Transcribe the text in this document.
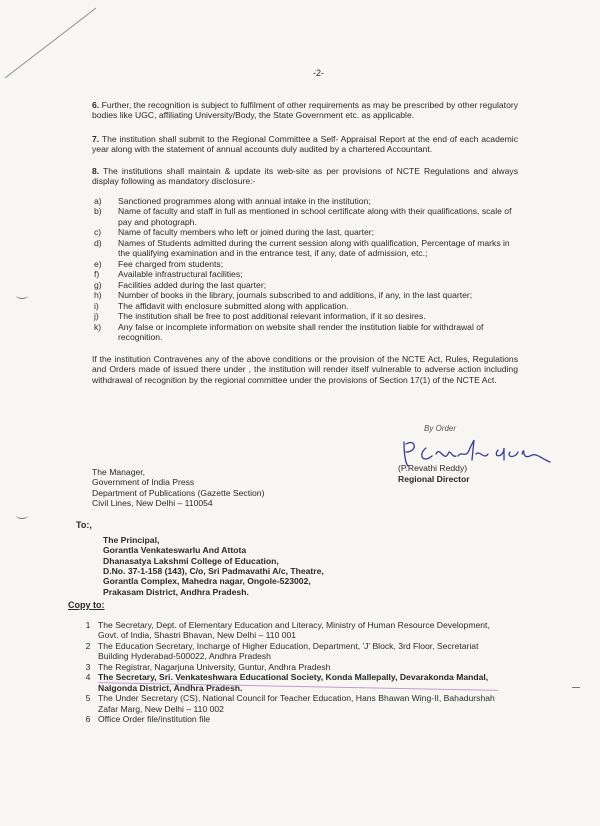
-2-
6. Further, the recognition is subject to fulfilment of other requirements as may be prescribed by other regulatory bodies like UGC, affiliating University/Body, the State Government etc. as applicable.
7. The institution shall submit to the Regional Committee a Self- Appraisal Report at the end of each academic year along with the statement of annual accounts duly audited by a chartered Accountant.
8. The institutions shall maintain & update its web-site as per provisions of NCTE Regulations and always display following as mandatory disclosure:-
a)	Sanctioned programmes along with annual intake in the institution;
b)	Name of faculty and staff in full as mentioned in school certificate along with their qualifications, scale of pay and photograph.
c)	Name of faculty members who left or joined during the last, quarter;
d)	Names of Students admitted during the current session along with qualification, Percentage of marks in the qualifying examination and in the entrance test, if any, date of admission, etc.;
e)	Fee charged from students;
f)	Available infrastructural facilities;
g)	Facilities added during the last quarter;
h)	Number of books in the library, journals subscribed to and additions, if any, in the last quarter;
i)	The affidavit with enclosure submitted along with application.
j)	The institution shall be free to post additional relevant information, if it so desires.
k)	Any false or incomplete information on website shall render the institution liable for withdrawal of recognition.
If the institution Contravenes any of the above conditions or the provision of the NCTE Act, Rules, Regulations and Orders made of issued there under , the institution will render itself vulnerable to adverse action including withdrawal of recognition by the regional committee under the provisions of Section 17(1) of the NCTE Act.
By Order
(P.Revathi Reddy)
Regional Director
The Manager,
Government of India Press
Department of Publications (Gazette Section)
Civil Lines, New Delhi – 110054
To:,
The Principal,
Gorantla Venkateswarlu And Attota
Dhanasatya Lakshmi College of Education,
D.No. 37-1-158 (143), C/o, Sri Padmavathi A/c, Theatre,
Gorantla Complex, Mahedra nagar, Ongole-523002,
Prakasam District, Andhra Pradesh.
Copy to:
1 The Secretary, Dept. of Elementary Education and Literacy, Ministry of Human Resource Development, Govt. of India, Shastri Bhavan, New Delhi – 110 001
2 The Education Secretary, Incharge of Higher Education, Department, 'J' Block, 3rd Floor, Secretariat Building Hyderabad-500022, Andhra Pradesh
3 The Registrar, Nagarjuna University, Guntur, Andhra Pradesh
4 The Secretary, Sri. Venkateshwara Educational Society, Konda Mallepally, Devarakonda Mandal, Nalgonda District, Andhra Pradesh.
5 The Under Secretary (CS), National Council for Teacher Education, Hans Bhawan Wing-II, Bahadurshah Zafar Marg, New Delhi – 110 002
6 Office Order file/institution file
